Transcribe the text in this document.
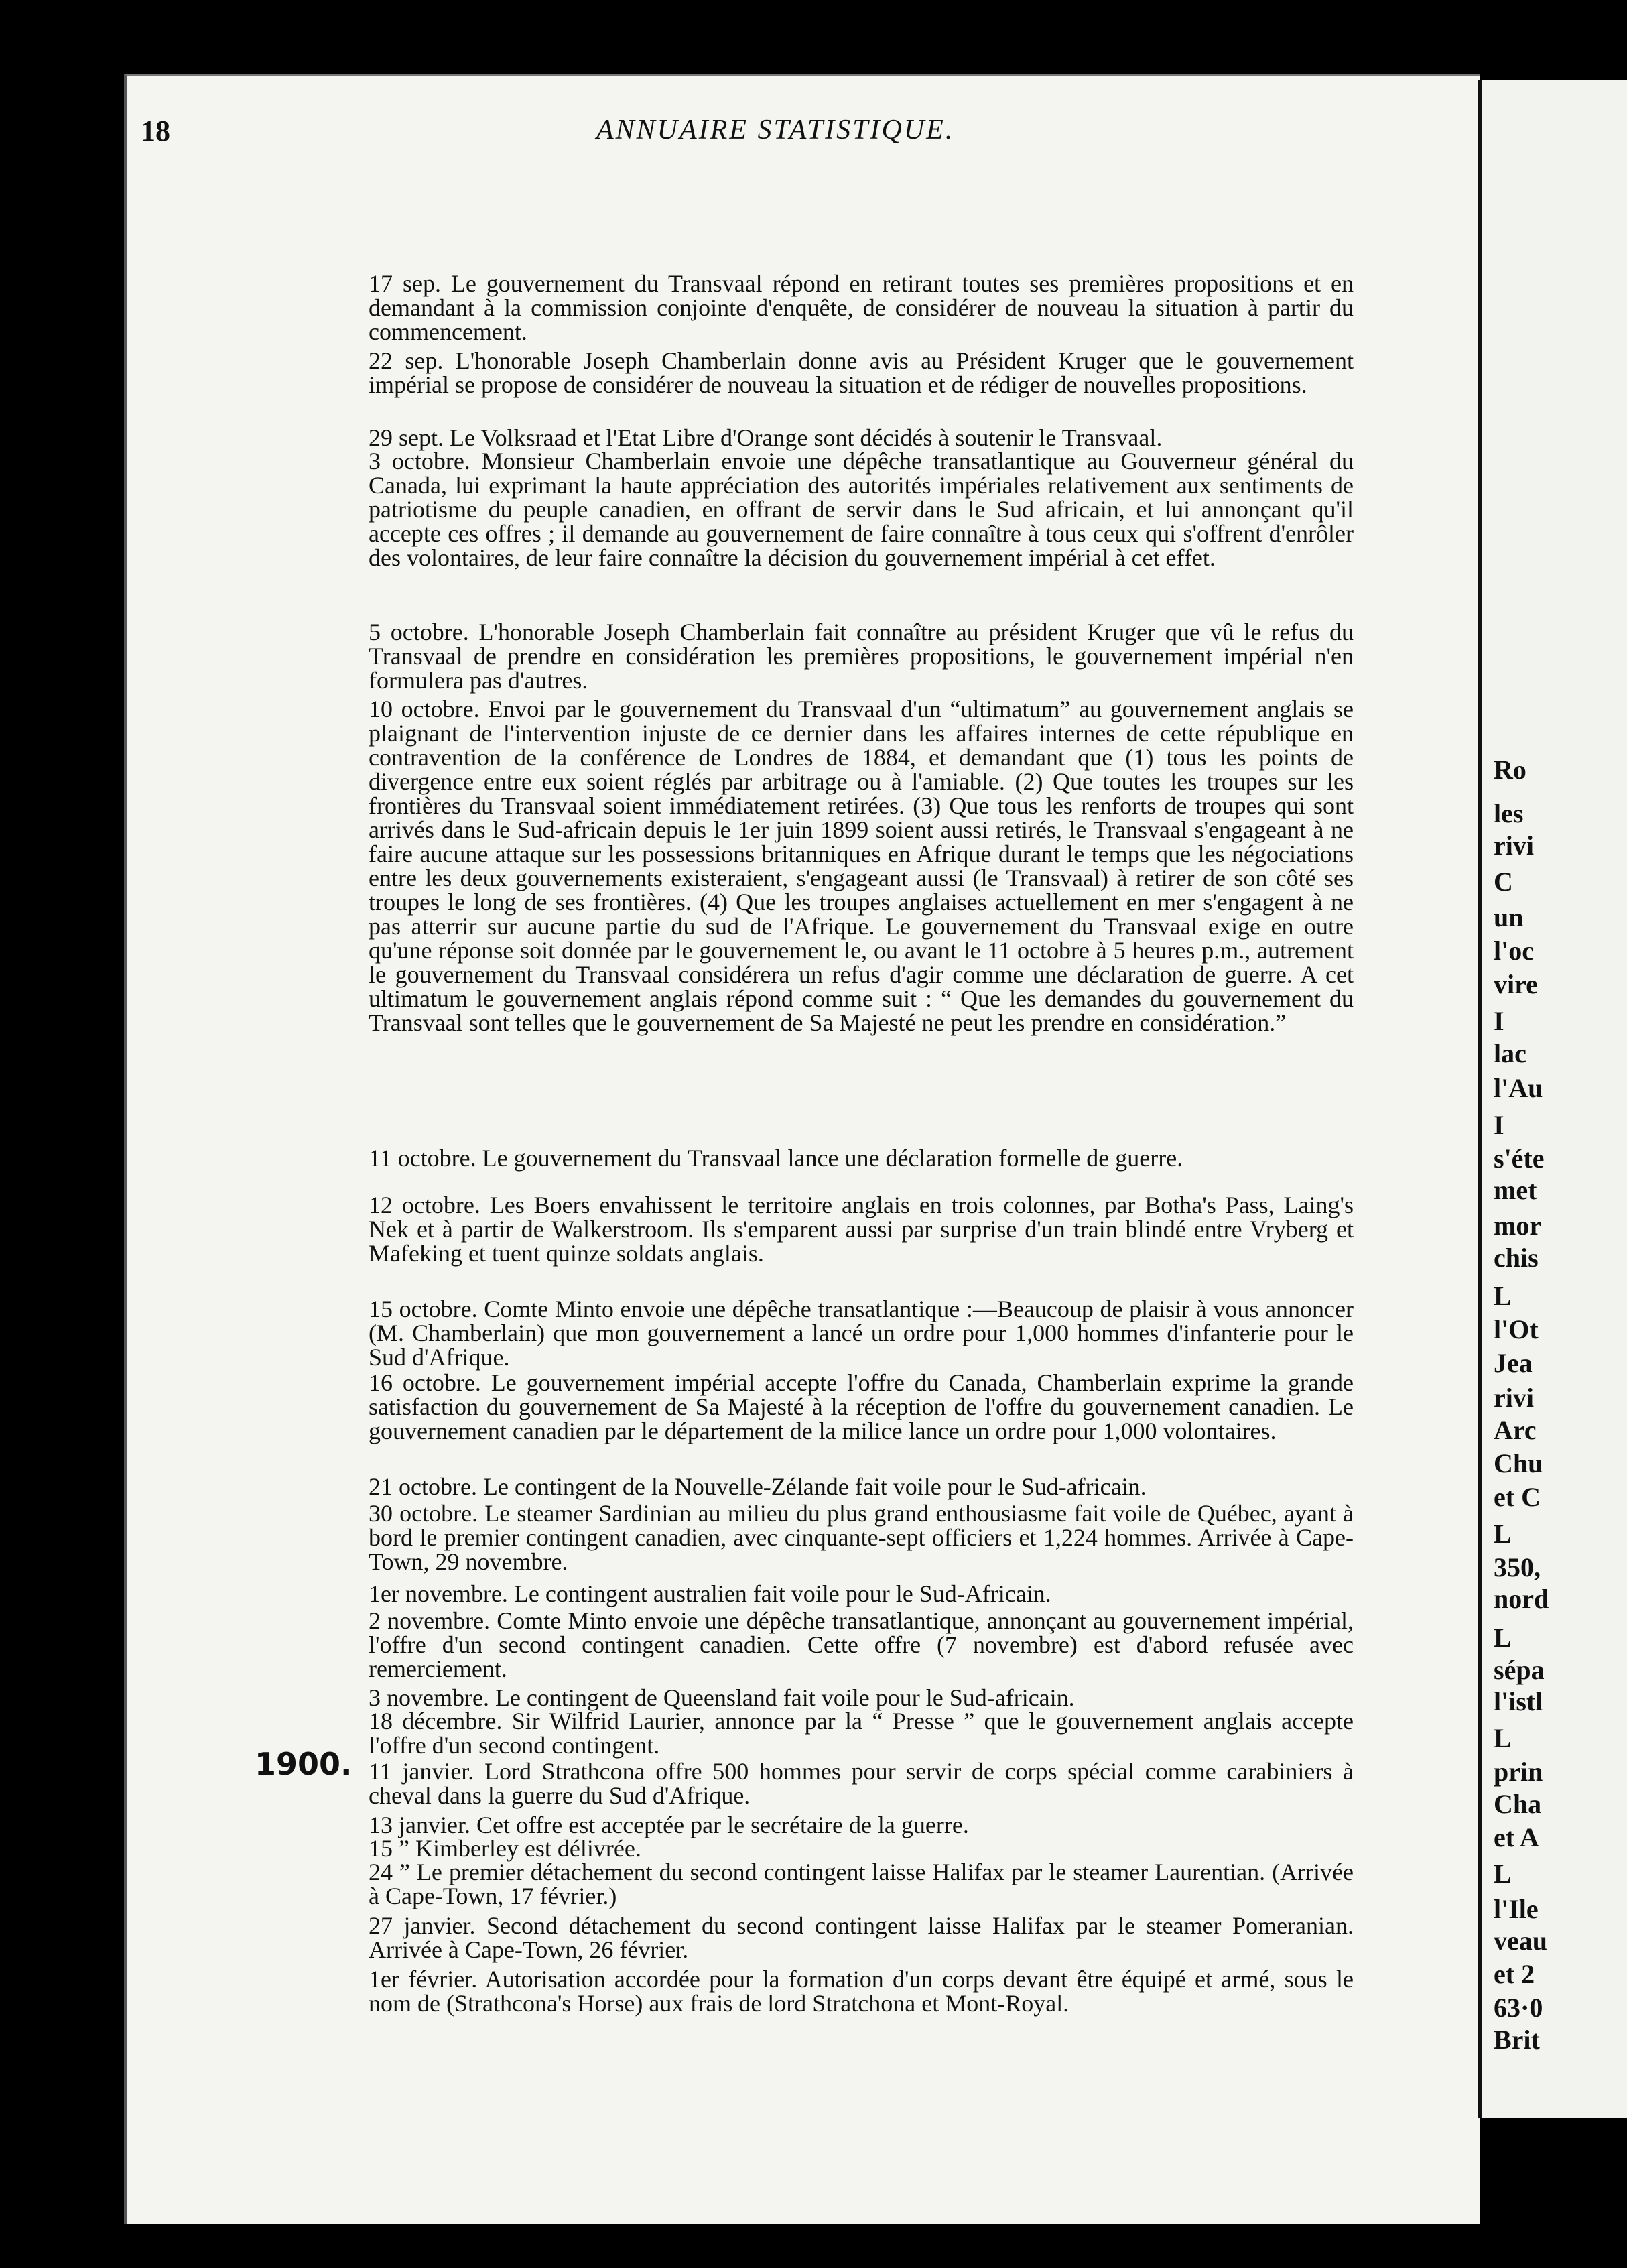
Ro
les
rivi
C
un
l'oc
vire
I
lac
l'Au
I
s'éte
met
mor
chis
L
l'Ot
Jea
rivi
Arc
Chu
et C
L
350,
nord
L
sépa
l'istl
L
prin
Cha
et A
L
l'Ile
veau
et 2
63·0
Brit
18	ANNUAIRE STATISTIQUE.
1900.
17 sep. Le gouvernement du Transvaal répond en retirant toutes ses premières propositions et en demandant à la commission conjointe d'enquête, de considérer de nouveau la situation à partir du commencement.
22 sep. L'honorable Joseph Chamberlain donne avis au Président Kruger que le gouvernement impérial se propose de considérer de nouveau la situation et de rédiger de nouvelles propositions.
29 sept. Le Volksraad et l'Etat Libre d'Orange sont décidés à soutenir le Transvaal.
3 octobre. Monsieur Chamberlain envoie une dépêche transatlantique au Gouverneur général du Canada, lui exprimant la haute appréciation des autorités impériales relativement aux sentiments de patriotisme du peuple canadien, en offrant de servir dans le Sud africain, et lui annonçant qu'il accepte ces offres ; il demande au gouvernement de faire connaître à tous ceux qui s'offrent d'enrôler des volontaires, de leur faire connaître la décision du gouvernement impérial à cet effet.
5 octobre. L'honorable Joseph Chamberlain fait connaître au président Kruger que vû le refus du Transvaal de prendre en considération les premières propositions, le gouvernement impérial n'en formulera pas d'autres.
10 octobre. Envoi par le gouvernement du Transvaal d'un “ultimatum” au gouvernement anglais se plaignant de l'intervention injuste de ce dernier dans les affaires internes de cette république en contravention de la conférence de Londres de 1884, et demandant que (1) tous les points de divergence entre eux soient réglés par arbitrage ou à l'amiable. (2) Que toutes les troupes sur les frontières du Transvaal soient immédiatement retirées. (3) Que tous les renforts de troupes qui sont arrivés dans le Sud-africain depuis le 1er juin 1899 soient aussi retirés, le Transvaal s'engageant à ne faire aucune attaque sur les possessions britanniques en Afrique durant le temps que les négociations entre les deux gouvernements existeraient, s'engageant aussi (le Transvaal) à retirer de son côté ses troupes le long de ses frontières. (4) Que les troupes anglaises actuellement en mer s'engagent à ne pas atterrir sur aucune partie du sud de l'Afrique. Le gouvernement du Transvaal exige en outre qu'une réponse soit donnée par le gouvernement le, ou avant le 11 octobre à 5 heures p.m., autrement le gouvernement du Transvaal considérera un refus d'agir comme une déclaration de guerre. A cet ultimatum le gouvernement anglais répond comme suit : “ Que les demandes du gouvernement du Transvaal sont telles que le gouvernement de Sa Majesté ne peut les prendre en considération.”
11 octobre. Le gouvernement du Transvaal lance une déclaration formelle de guerre.
12 octobre. Les Boers envahissent le territoire anglais en trois colonnes, par Botha's Pass, Laing's Nek et à partir de Walkerstroom. Ils s'emparent aussi par surprise d'un train blindé entre Vryberg et Mafeking et tuent quinze soldats anglais.
15 octobre. Comte Minto envoie une dépêche transatlantique :—Beaucoup de plaisir à vous annoncer (M. Chamberlain) que mon gouvernement a lancé un ordre pour 1,000 hommes d'infanterie pour le Sud d'Afrique.
16 octobre. Le gouvernement impérial accepte l'offre du Canada, Chamberlain exprime la grande satisfaction du gouvernement de Sa Majesté à la réception de l'offre du gouvernement canadien. Le gouvernement canadien par le département de la milice lance un ordre pour 1,000 volontaires.
21 octobre. Le contingent de la Nouvelle-Zélande fait voile pour le Sud-africain.
30 octobre. Le steamer Sardinian au milieu du plus grand enthousiasme fait voile de Québec, ayant à bord le premier contingent canadien, avec cinquante-sept officiers et 1,224 hommes. Arrivée à Cape-Town, 29 novembre.
1er novembre. Le contingent australien fait voile pour le Sud-Africain.
2 novembre. Comte Minto envoie une dépêche transatlantique, annonçant au gouvernement impérial, l'offre d'un second contingent canadien. Cette offre (7 novembre) est d'abord refusée avec remerciement.
3 novembre. Le contingent de Queensland fait voile pour le Sud-africain.
18 décembre. Sir Wilfrid Laurier, annonce par la “ Presse ” que le gouvernement anglais accepte l'offre d'un second contingent.
11 janvier. Lord Strathcona offre 500 hommes pour servir de corps spécial comme carabiniers à cheval dans la guerre du Sud d'Afrique.
13 janvier. Cet offre est acceptée par le secrétaire de la guerre.
15 ” Kimberley est délivrée.
24 ” Le premier détachement du second contingent laisse Halifax par le steamer Laurentian. (Arrivée à Cape-Town, 17 février.)
27 janvier. Second détachement du second contingent laisse Halifax par le steamer Pomeranian. Arrivée à Cape-Town, 26 février.
1er février. Autorisation accordée pour la formation d'un corps devant être équipé et armé, sous le nom de (Strathcona's Horse) aux frais de lord Stratchona et Mont-Royal.
